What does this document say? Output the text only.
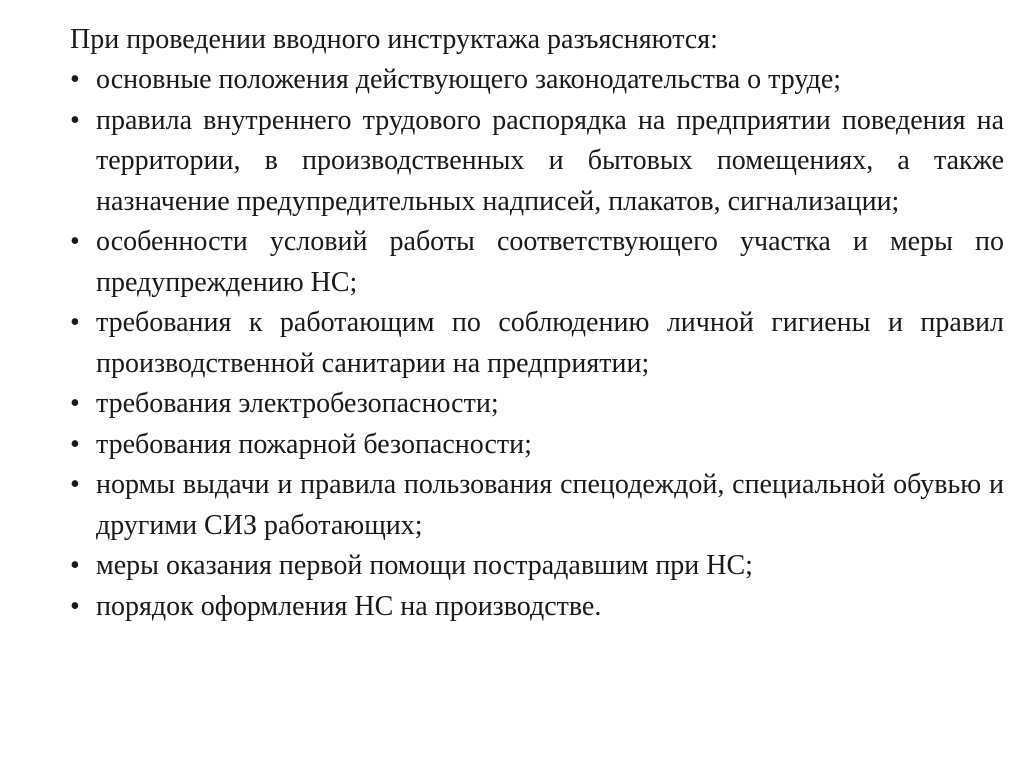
При проведении вводного инструктажа разъясняются:

• основные положения действующего законодательства о труде;
• правила внутреннего трудового распорядка на предприятии поведения на территории, в производственных и бытовых помещениях, а также назначение предупредительных надписей, плакатов, сигнализации;
• особенности условий работы соответствующего участка и меры по предупреждению НС;
• требования к работающим по соблюдению личной гигиены и правил производственной санитарии на предприятии;
• требования электробезопасности;
• требования пожарной безопасности;
• нормы выдачи и правила пользования спецодеждой, специальной обувью и другими СИЗ работающих;
• меры оказания первой помощи пострадавшим при НС;
• порядок оформления НС на производстве.
